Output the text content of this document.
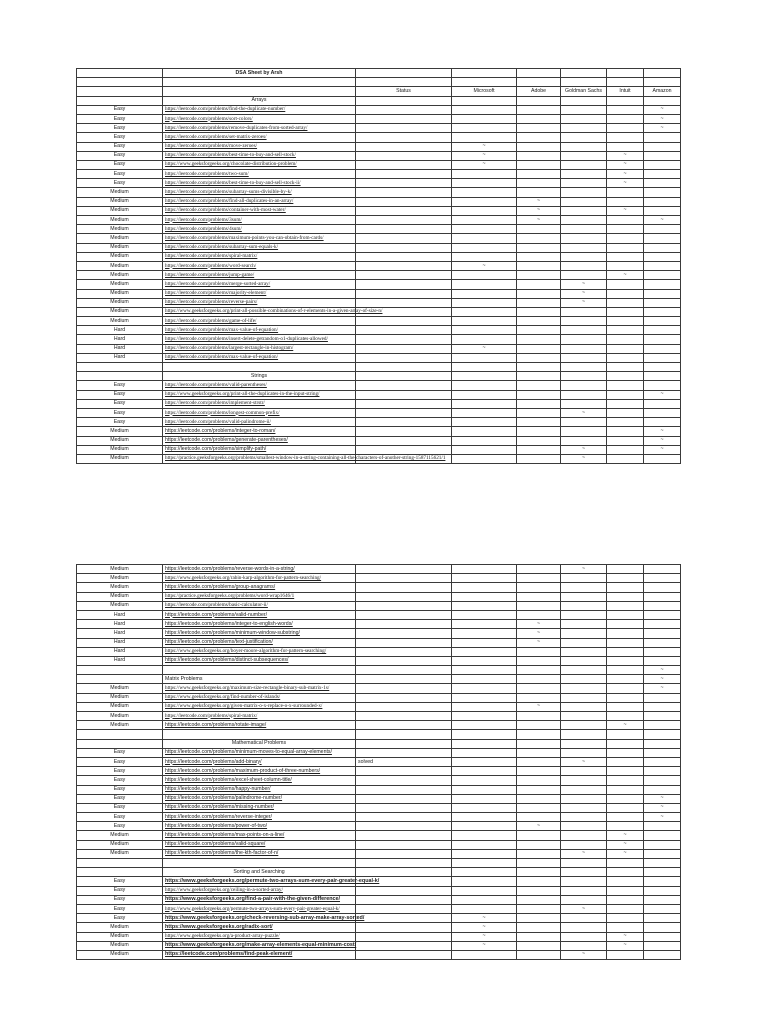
	DSA Sheet by Arsh						

		Status	Microsoft	Adobe	Goldman Sachs	Intuit	Amazon
	Arrays						
Easy	https://leetcode.com/problems/find-the-duplicate-number/						~
Easy	https://leetcode.com/problems/sort-colors/						~
Easy	https://leetcode.com/problems/remove-duplicates-from-sorted-array/						~
Easy	https://leetcode.com/problems/set-matrix-zeroes/						
Easy	https://leetcode.com/problems/move-zeroes/		~				
Easy	https://leetcode.com/problems/best-time-to-buy-and-sell-stock/		~			~	
Easy	https://www.geeksforgeeks.org/chocolate-distribution-problem/		~			~	
Easy	https://leetcode.com/problems/two-sum/					~	
Easy	https://leetcode.com/problems/best-time-to-buy-and-sell-stock-ii/					~	
Medium	https://leetcode.com/problems/subarray-sums-divisible-by-k/						
Medium	https://leetcode.com/problems/find-all-duplicates-in-an-array/			~			
Medium	https://leetcode.com/problems/container-with-most-water/			~		~	
Medium	https://leetcode.com/problems/3sum/			~			~
Medium	https://leetcode.com/problems/4sum/						
Medium	https://leetcode.com/problems/maximum-points-you-can-obtain-from-cards/						
Medium	https://leetcode.com/problems/subarray-sum-equals-k/						
Medium	https://leetcode.com/problems/spiral-matrix/						
Medium	https://leetcode.com/problems/word-search/		~				
Medium	https://leetcode.com/problems/jump-game/					~	
Medium	https://leetcode.com/problems/merge-sorted-array/				~		
Medium	https://leetcode.com/problems/majority-element/				~		
Medium	https://leetcode.com/problems/reverse-pairs/				~		
Medium	https://www.geeksforgeeks.org/print-all-possible-combinations-of-r-elements-in-a-given-array-of-size-n/						
Medium	https://leetcode.com/problems/game-of-life/						
Hard	https://leetcode.com/problems/max-value-of-equation/						
Hard	https://leetcode.com/problems/insert-delete-getrandom-o1-duplicates-allowed/						
Hard	https://leetcode.com/problems/largest-rectangle-in-histogram/		~				
Hard	https://leetcode.com/problems/max-value-of-equation/						

	Strings						
Easy	https://leetcode.com/problems/valid-parentheses/						
Easy	https://www.geeksforgeeks.org/print-all-the-duplicates-in-the-input-string/						~
Easy	https://leetcode.com/problems/implement-strstr/						
Easy	https://leetcode.com/problems/longest-common-prefix/				~		
Easy	https://leetcode.com/problems/valid-palindrome-ii/						
Medium	https://leetcode.com/problems/integer-to-roman/						~
Medium	https://leetcode.com/problems/generate-parentheses/						~
Medium	https://leetcode.com/problems/simplify-path/				~		~
Medium	https://practice.geeksforgeeks.org/problems/smallest-window-in-a-string-containing-all-the-characters-of-another-string-1587115621/1				~		
Medium	https://leetcode.com/problems/reverse-words-in-a-string/				~		
Medium	https://www.geeksforgeeks.org/rabin-karp-algorithm-for-pattern-searching/						
Medium	https://leetcode.com/problems/group-anagrams/						
Medium	https://practice.geeksforgeeks.org/problems/word-wrap1646/1						
Medium	https://leetcode.com/problems/basic-calculator-ii/						
Hard	https://leetcode.com/problems/valid-number/						
Hard	https://leetcode.com/problems/integer-to-english-words/			~			
Hard	https://leetcode.com/problems/minimum-window-substring/			~			
Hard	https://leetcode.com/problems/text-justification/			~			
Hard	https://www.geeksforgeeks.org/boyer-moore-algorithm-for-pattern-searching/						
Hard	https://leetcode.com/problems/distinct-subsequences/						
							~
	Matrix Problems						~
Medium	https://www.geeksforgeeks.org/maximum-size-rectangle-binary-sub-matrix-1s/						~
Medium	https://www.geeksforgeeks.org/find-number-of-islands/						
Medium	https://www.geeksforgeeks.org/given-matrix-o-x-replace-o-x-surrounded-x/			~			
Medium	https://leetcode.com/problems/spiral-matrix/						
Medium	https://leetcode.com/problems/rotate-image/					~	

	Mathematical Problems						
Easy	https://leetcode.com/problems/minimum-moves-to-equal-array-elements/						
Easy	https://leetcode.com/problems/add-binary/	solved			~		
Easy	https://leetcode.com/problems/maximum-product-of-three-numbers/						
Easy	https://leetcode.com/problems/excel-sheet-column-title/						
Easy	https://leetcode.com/problems/happy-number/						
Easy	https://leetcode.com/problems/palindrome-number/						~
Easy	https://leetcode.com/problems/missing-number/						~
Easy	https://leetcode.com/problems/reverse-integer/						~
Easy	https://leetcode.com/problems/power-of-two/			~			
Medium	https://leetcode.com/problems/max-points-on-a-line/					~	
Medium	https://leetcode.com/problems/valid-square/					~	
Medium	https://leetcode.com/problems/the-kth-factor-of-n/				~	~	

	Sorting and Searching						
Easy	https://www.geeksforgeeks.org/permute-two-arrays-sum-every-pair-greater-equal-k/						
Easy	https://www.geeksforgeeks.org/ceiling-in-a-sorted-array/						
Easy	https://www.geeksforgeeks.org/find-a-pair-with-the-given-difference/						
Easy	https://www.geeksforgeeks.org/permute-two-arrays-sum-every-pair-greater-equal-k/				~		
Easy	https://www.geeksforgeeks.org/check-reversing-sub-array-make-array-sorted/		~				
Medium	https://www.geeksforgeeks.org/radix-sort/		~				
Medium	https://www.geeksforgeeks.org/a-product-array-puzzle/		~			~	
Medium	https://www.geeksforgeeks.org/make-array-elements-equal-minimum-cost/		~			~	
Medium	https://leetcode.com/problems/find-peak-element/				~		
